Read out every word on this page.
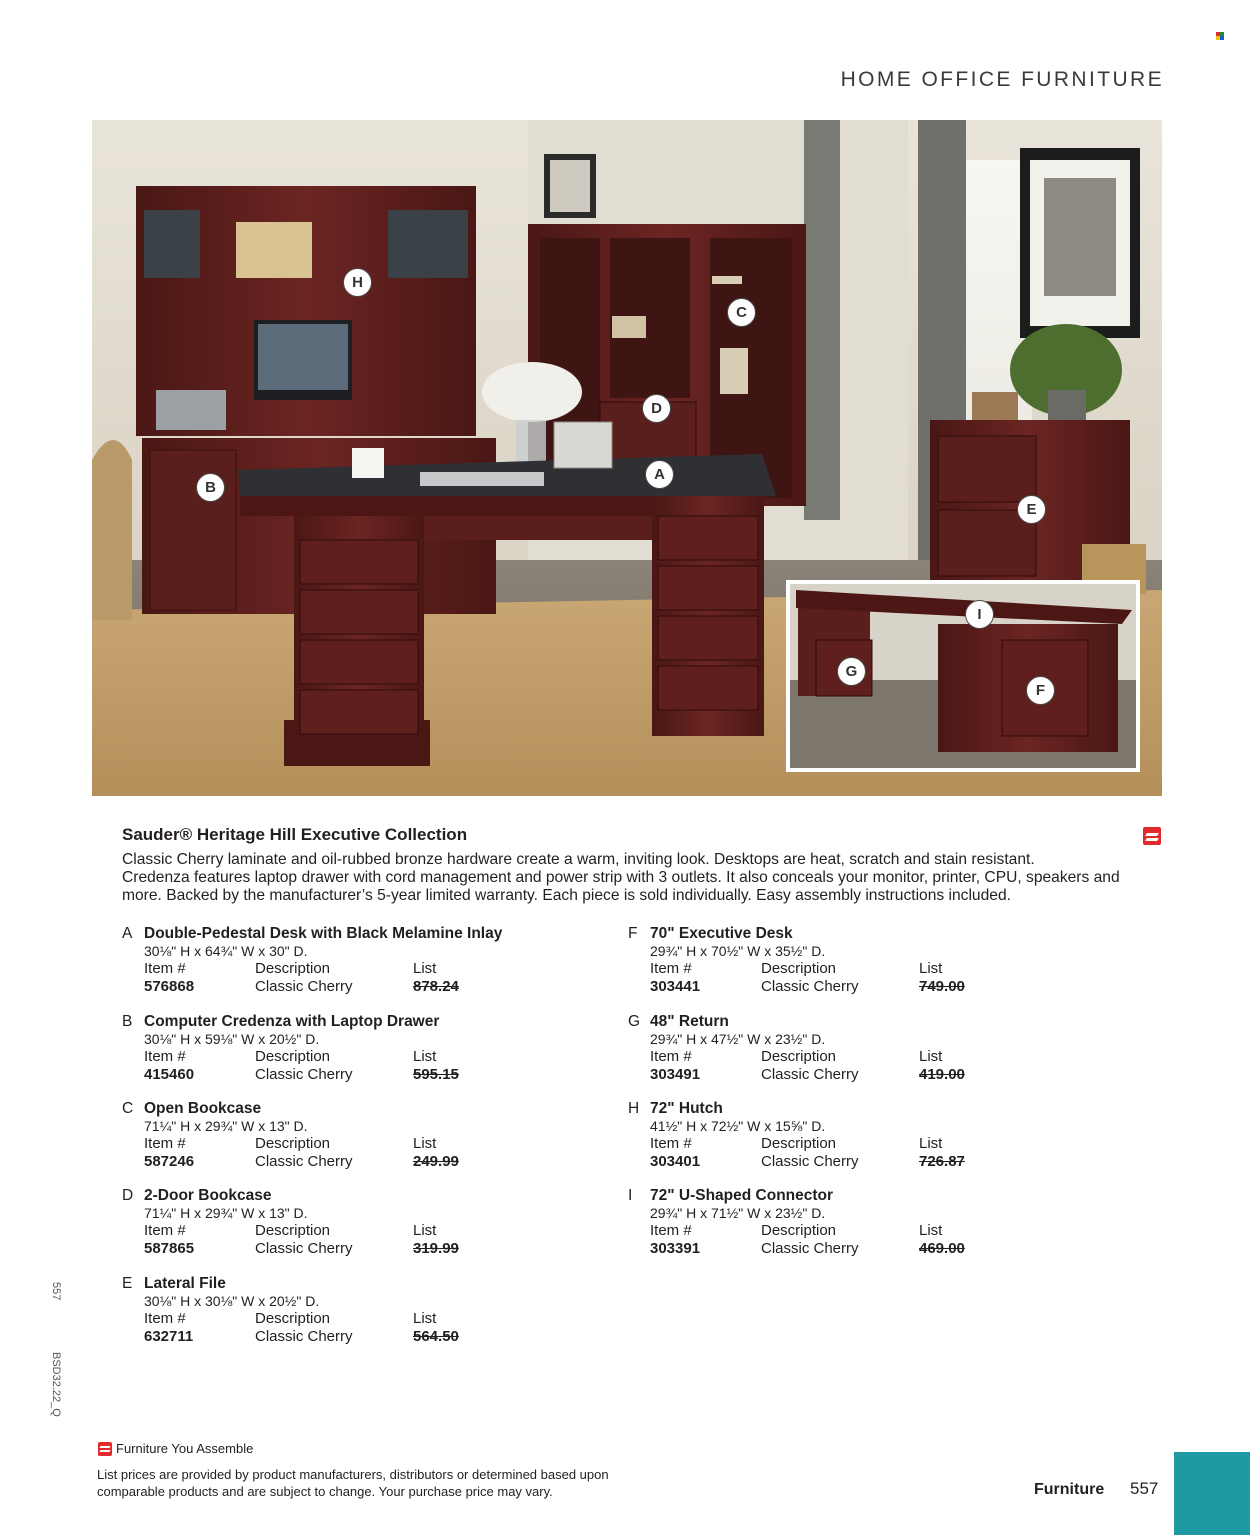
HOME OFFICE FURNITURE
H
C
D
A
B
E
I
G
F
Sauder® Heritage Hill Executive Collection

Classic Cherry laminate and oil-rubbed bronze hardware create a warm, inviting look. Desktops are heat, scratch and stain resistant.

Credenza features laptop drawer with cord management and power strip with 3 outlets. It also conceals your monitor, printer, CPU, speakers and

more. Backed by the manufacturer’s 5-year limited warranty. Each piece is sold individually. Easy assembly instructions included.

A Double-Pedestal Desk with Black Melamine Inlay
30⅛" H x 64¾" W x 30" D.
Item #	Description	List
576868	Classic Cherry	878.24
B Computer Credenza with Laptop Drawer
30⅛" H x 59⅛" W x 20½" D.
Item #	Description	List
415460	Classic Cherry	595.15
C Open Bookcase
71¼" H x 29¾" W x 13" D.
Item #	Description	List
587246	Classic Cherry	249.99
D 2-Door Bookcase
71¼" H x 29¾" W x 13" D.
Item #	Description	List
587865	Classic Cherry	319.99
E Lateral File
30⅛" H x 30⅛" W x 20½" D.
Item #	Description	List
632711	Classic Cherry	564.50
F 70" Executive Desk
29¾" H x 70½" W x 35½" D.
Item #	Description	List
303441	Classic Cherry	749.00
G 48" Return
29¾" H x 47½" W x 23½" D.
Item #	Description	List
303491	Classic Cherry	419.00
H 72" Hutch
41½" H x 72½" W x 15⅝" D.
Item #	Description	List
303401	Classic Cherry	726.87
I 72" U-Shaped Connector
29¾" H x 71½" W x 23½" D.
Item #	Description	List
303391	Classic Cherry	469.00
557
BSD32.22_Q
Furniture You Assemble

List prices are provided by product manufacturers, distributors or determined based upon

comparable products and are subject to change. Your purchase price may vary.	Furniture 557
